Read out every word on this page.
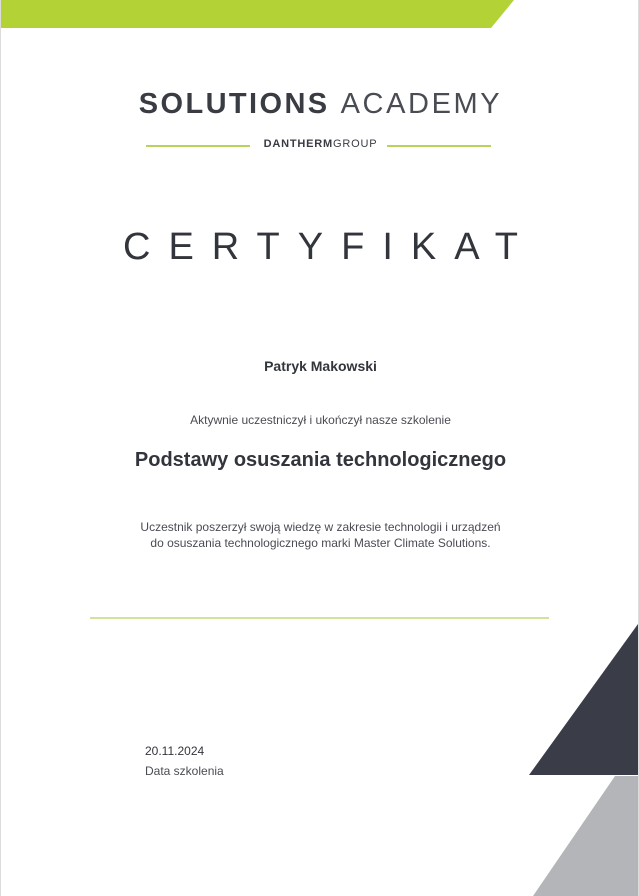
SOLUTIONS ACADEMY
DANTHERMGROUP
CERTYFIKAT
Patryk Makowski
Aktywnie uczestniczył i ukończył nasze szkolenie
Podstawy osuszania technologicznego
Uczestnik poszerzył swoją wiedzę w zakresie technologii i urządzeń
do osuszania technologicznego marki Master Climate Solutions.
20.11.2024
Data szkolenia
